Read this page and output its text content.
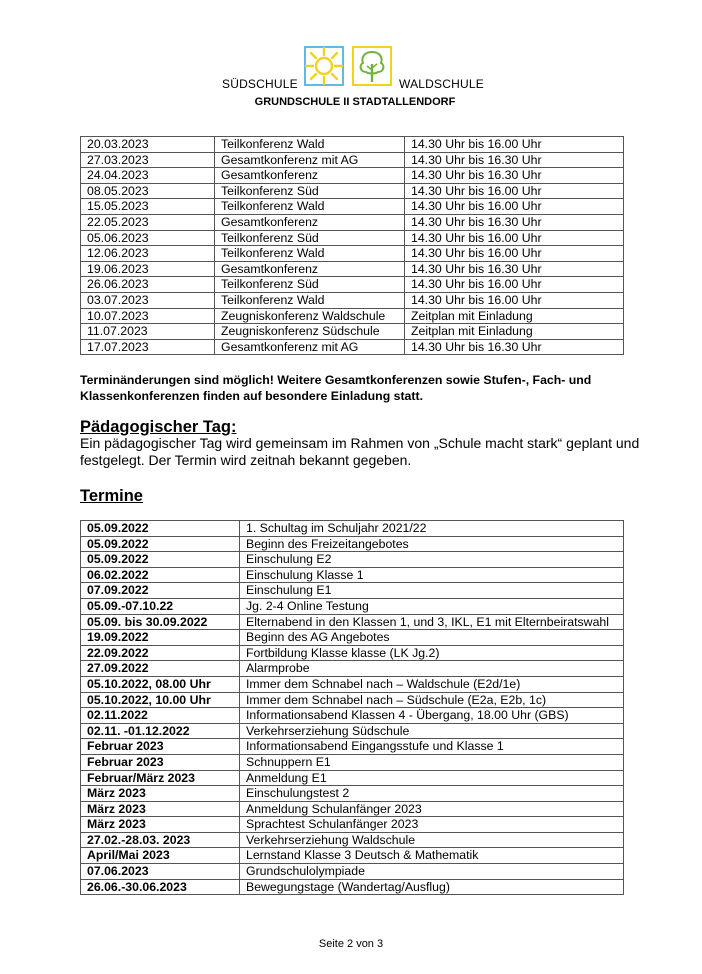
SÜDSCHULE	WALDSCHULE
GRUNDSCHULE II STADTALLENDORF
20.03.2023	Teilkonferenz Wald	14.30 Uhr bis 16.00 Uhr
27.03.2023	Gesamtkonferenz mit AG	14.30 Uhr bis 16.30 Uhr
24.04.2023	Gesamtkonferenz	14.30 Uhr bis 16.30 Uhr
08.05.2023	Teilkonferenz Süd	14.30 Uhr bis 16.00 Uhr
15.05.2023	Teilkonferenz Wald	14.30 Uhr bis 16.00 Uhr
22.05.2023	Gesamtkonferenz	14.30 Uhr bis 16.30 Uhr
05.06.2023	Teilkonferenz Süd	14.30 Uhr bis 16.00 Uhr
12.06.2023	Teilkonferenz Wald	14.30 Uhr bis 16.00 Uhr
19.06.2023	Gesamtkonferenz	14.30 Uhr bis 16.30 Uhr
26.06.2023	Teilkonferenz Süd	14.30 Uhr bis 16.00 Uhr
03.07.2023	Teilkonferenz Wald	14.30 Uhr bis 16.00 Uhr
10.07.2023	Zeugniskonferenz Waldschule	Zeitplan mit Einladung
11.07.2023	Zeugniskonferenz Südschule	Zeitplan mit Einladung
17.07.2023	Gesamtkonferenz mit AG	14.30 Uhr bis 16.30 Uhr
Terminänderungen sind möglich! Weitere Gesamtkonferenzen sowie Stufen-, Fach- und Klassenkonferenzen finden auf besondere Einladung statt.
Pädagogischer Tag:
Ein pädagogischer Tag wird gemeinsam im Rahmen von „Schule macht stark“ geplant und festgelegt. Der Termin wird zeitnah bekannt gegeben.
Termine
05.09.2022	1. Schultag im Schuljahr 2021/22
05.09.2022	Beginn des Freizeitangebotes
05.09.2022	Einschulung E2
06.02.2022	Einschulung Klasse 1
07.09.2022	Einschulung E1
05.09.-07.10.22	Jg. 2-4 Online Testung
05.09. bis 30.09.2022	Elternabend in den Klassen 1, und 3, IKL, E1 mit Elternbeiratswahl
19.09.2022	Beginn des AG Angebotes
22.09.2022	Fortbildung Klasse klasse (LK Jg.2)
27.09.2022	Alarmprobe
05.10.2022, 08.00 Uhr	Immer dem Schnabel nach – Waldschule (E2d/1e)
05.10.2022, 10.00 Uhr	Immer dem Schnabel nach – Südschule (E2a, E2b, 1c)
02.11.2022	Informationsabend Klassen 4 - Übergang, 18.00 Uhr (GBS)
02.11. -01.12.2022	Verkehrserziehung Südschule
Februar 2023	Informationsabend Eingangsstufe und Klasse 1
Februar 2023	Schnuppern E1
Februar/März 2023	Anmeldung E1
März 2023	Einschulungstest 2
März 2023	Anmeldung Schulanfänger 2023
März 2023	Sprachtest Schulanfänger 2023
27.02.-28.03. 2023	Verkehrserziehung Waldschule
April/Mai 2023	Lernstand Klasse 3 Deutsch & Mathematik
07.06.2023	Grundschulolympiade
26.06.-30.06.2023	Bewegungstage (Wandertag/Ausflug)
Seite 2 von 3
